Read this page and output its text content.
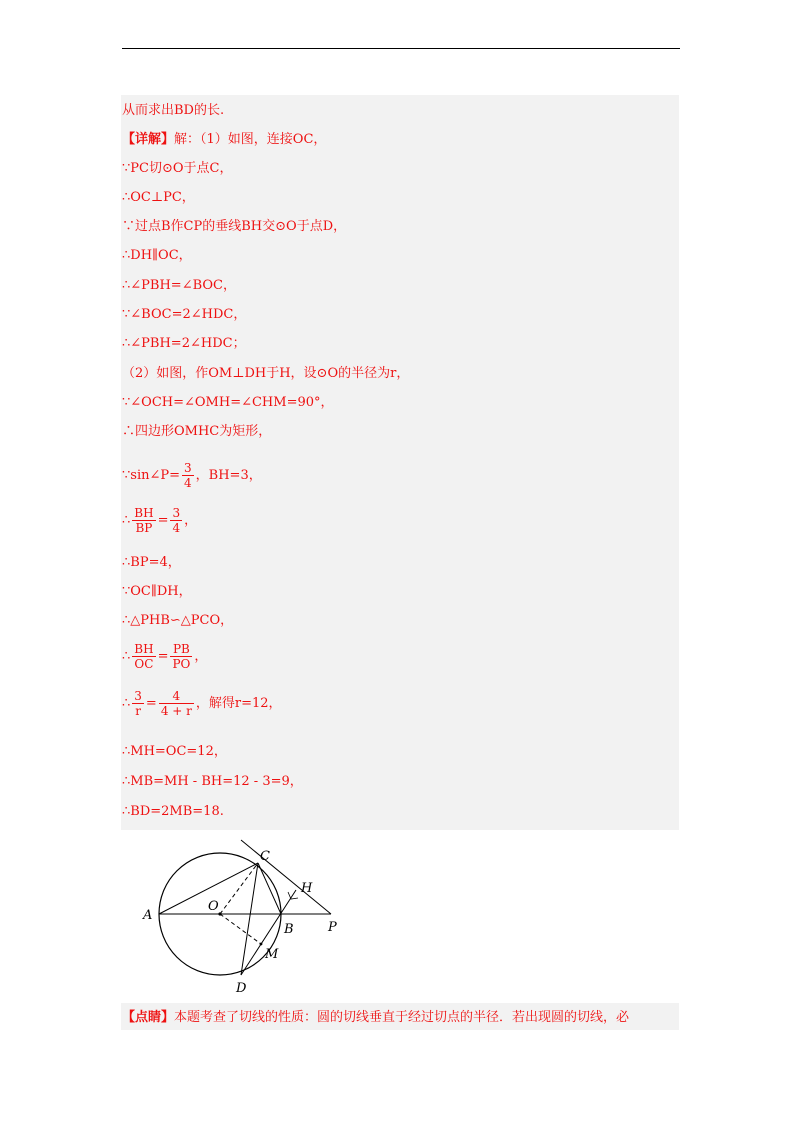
从而求出BD的长.
【详解】解：（1）如图，连接OC，
∵PC切⊙O于点C，
∴OC⊥PC，
∵过点B作CP的垂线BH交⊙O于点D，
∴DH∥OC，
∴∠PBH=∠BOC，
∵∠BOC=2∠HDC，
∴∠PBH=2∠HDC；
（2）如图，作OM⊥DH于H，设⊙O的半径为r，
∵∠OCH=∠OMH=∠CHM=90°，
∴四边形OMHC为矩形，
∵sin∠P= $\frac{3}{4}$ ，BH=3，
∴ $\frac{BH}{BP} = \frac{3}{4}$ ，
∴BP=4，
∵OC∥DH，
∴△PHB∽△PCO，
∴ $\frac{BH}{OC} = \frac{PB}{PO}$ ，
∴ $\frac{3}{r} = \frac{4}{4 + r}$ ，解得r=12，
∴MH=OC=12，
∴MB=MH - BH=12 - 3=9，
∴BD=2MB=18.
A
C
O
H
B	P
M
D
【点睛】本题考查了切线的性质：圆的切线垂直于经过切点的半径．若出现圆的切线，必
